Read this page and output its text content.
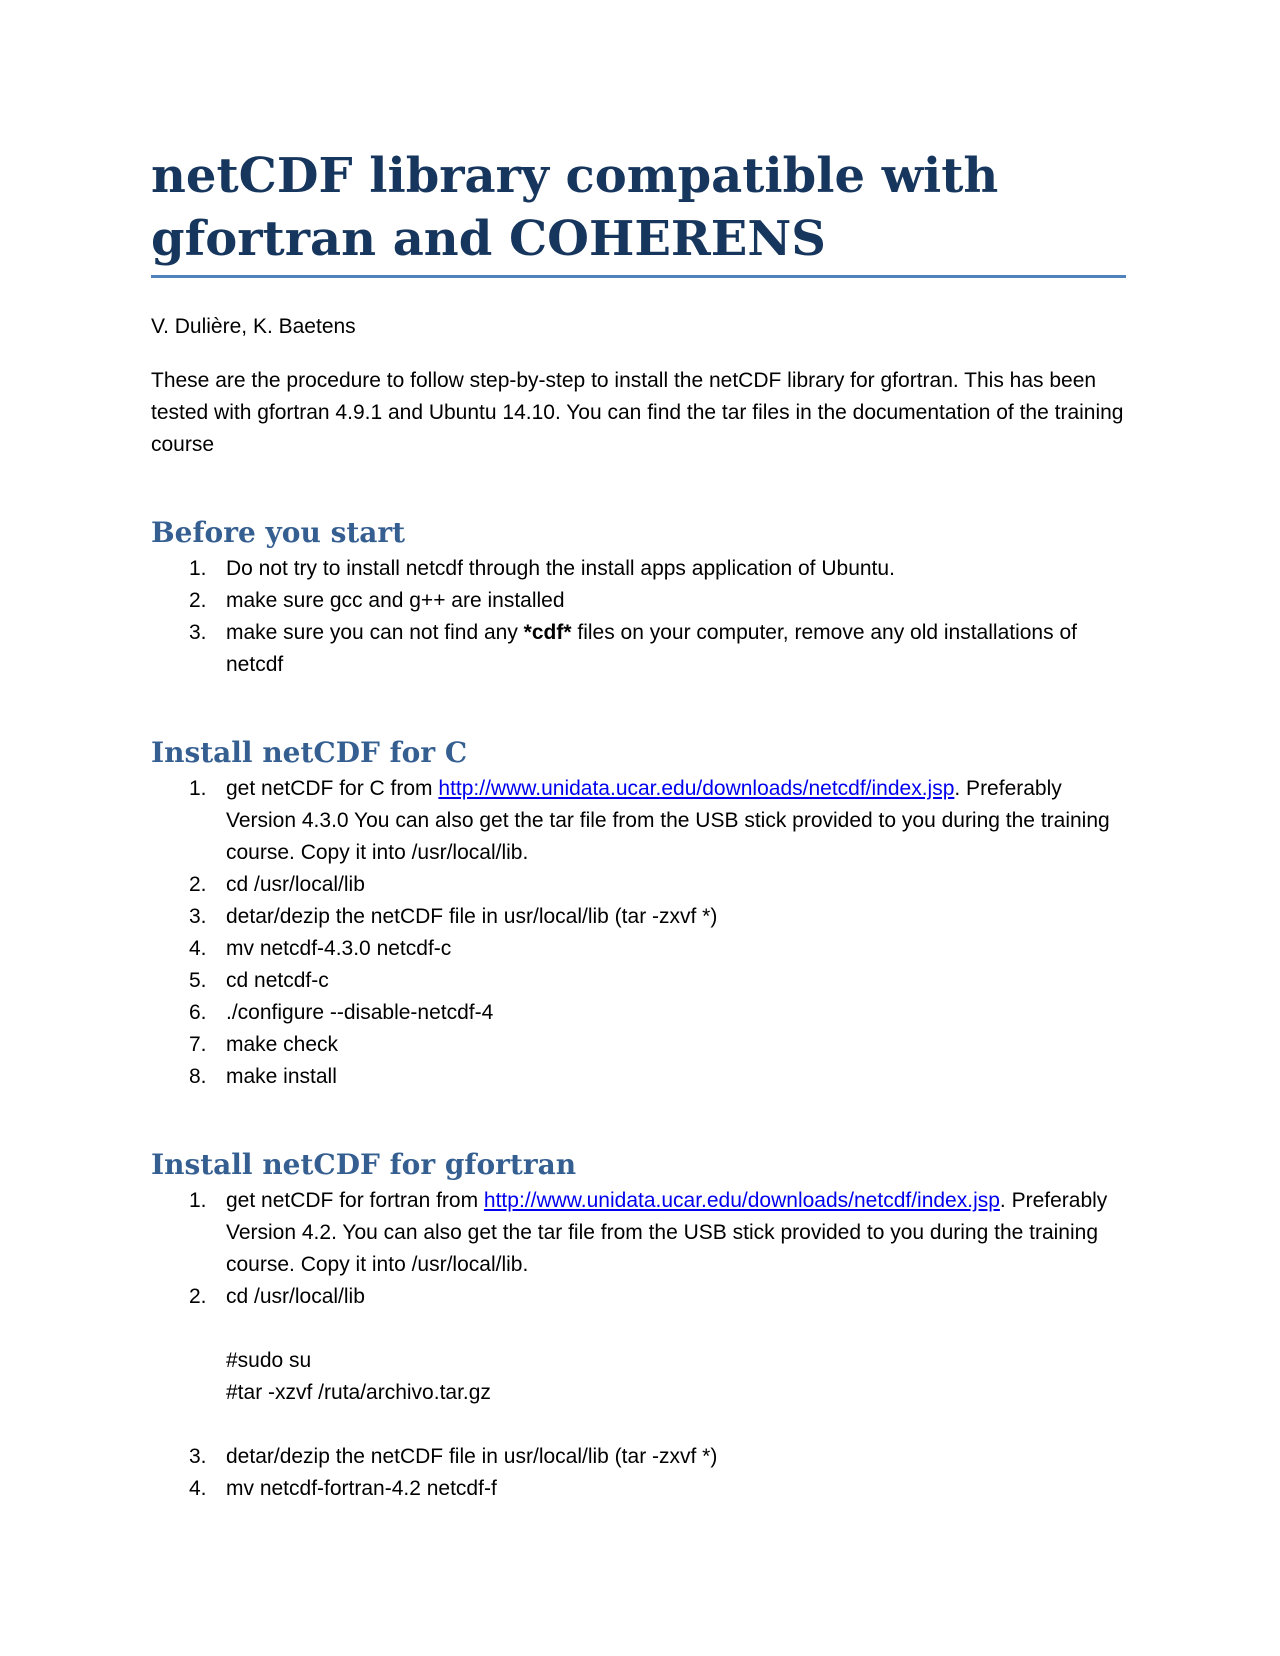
netCDF library compatible with gfortran and COHERENS

V. Dulière, K. Baetens

These are the procedure to follow step-by-step to install the netCDF library for gfortran. This has been tested with gfortran 4.9.1 and Ubuntu 14.10. You can find the tar files in the documentation of the training course

Before you start
1. Do not try to install netcdf through the install apps application of Ubuntu.
2. make sure gcc and g++ are installed
3. make sure you can not find any *cdf* files on your computer, remove any old installations of netcdf
Install netCDF for C
1. get netCDF for C from http://www.unidata.ucar.edu/downloads/netcdf/index.jsp. Preferably Version 4.3.0 You can also get the tar file from the USB stick provided to you during the training course. Copy it into /usr/local/lib.
2. cd /usr/local/lib
3. detar/dezip the netCDF file in usr/local/lib (tar -zxvf *)
4. mv netcdf-4.3.0 netcdf-c
5. cd netcdf-c
6. ./configure --disable-netcdf-4
7. make check
8. make install
Install netCDF for gfortran
1. get netCDF for fortran from http://www.unidata.ucar.edu/downloads/netcdf/index.jsp. Preferably Version 4.2. You can also get the tar file from the USB stick provided to you during the training course. Copy it into /usr/local/lib.
2. cd /usr/local/lib
#sudo su
#tar -xzvf /ruta/archivo.tar.gz
3. detar/dezip the netCDF file in usr/local/lib (tar -zxvf *)
4. mv netcdf-fortran-4.2 netcdf-f
